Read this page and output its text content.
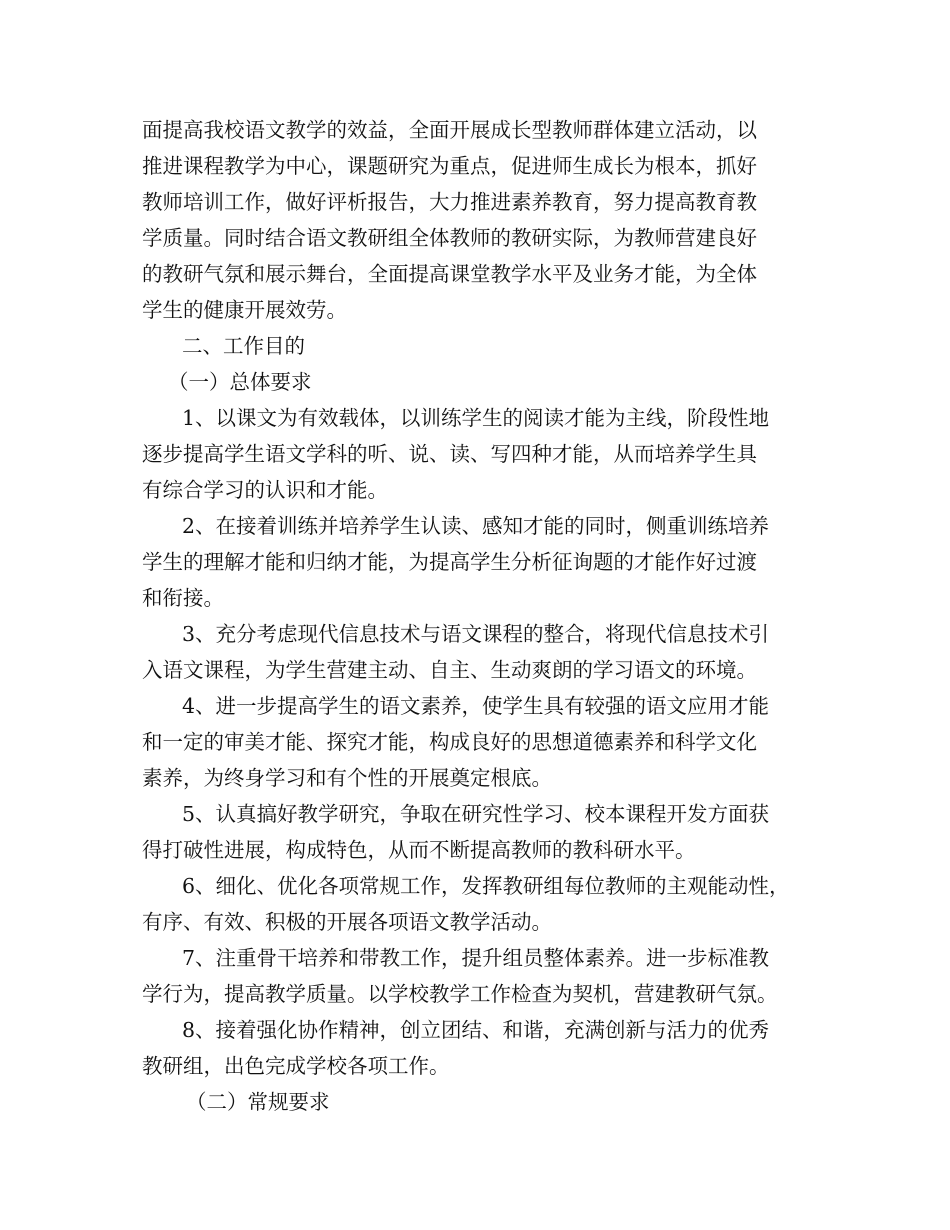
面提高我校语文教学的效益，全面开展成长型教师群体建立活动，以
推进课程教学为中心，课题研究为重点，促进师生成长为根本，抓好
教师培训工作，做好评析报告，大力推进素养教育，努力提高教育教
学质量。同时结合语文教研组全体教师的教研实际，为教师营建良好
的教研气氛和展示舞台，全面提高课堂教学水平及业务才能，为全体
学生的健康开展效劳。
二、工作目的
（一）总体要求
1、以课文为有效载体，以训练学生的阅读才能为主线，阶段性地
逐步提高学生语文学科的听、说、读、写四种才能，从而培养学生具
有综合学习的认识和才能。
2、在接着训练并培养学生认读、感知才能的同时，侧重训练培养
学生的理解才能和归纳才能，为提高学生分析征询题的才能作好过渡
和衔接。
3、充分考虑现代信息技术与语文课程的整合，将现代信息技术引
入语文课程，为学生营建主动、自主、生动爽朗的学习语文的环境。
4、进一步提高学生的语文素养，使学生具有较强的语文应用才能
和一定的审美才能、探究才能，构成良好的思想道德素养和科学文化
素养，为终身学习和有个性的开展奠定根底。
5、认真搞好教学研究，争取在研究性学习、校本课程开发方面获
得打破性进展，构成特色，从而不断提高教师的教科研水平。
6、细化、优化各项常规工作，发挥教研组每位教师的主观能动性，
有序、有效、积极的开展各项语文教学活动。
7、注重骨干培养和带教工作，提升组员整体素养。进一步标准教
学行为，提高教学质量。以学校教学工作检查为契机，营建教研气氛。
8、接着强化协作精神，创立团结、和谐，充满创新与活力的优秀
教研组，出色完成学校各项工作。
（二）常规要求
